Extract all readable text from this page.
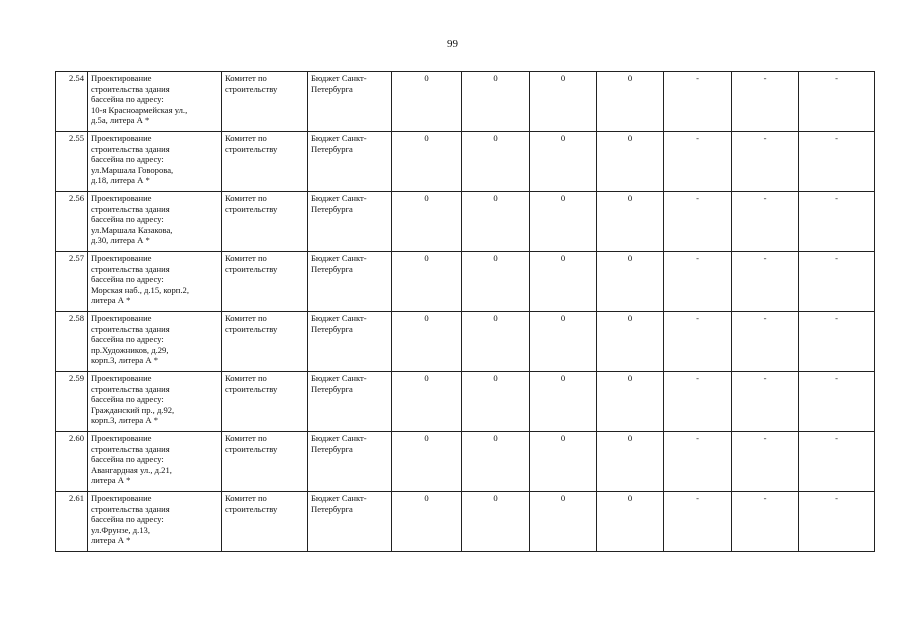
99
2.54	Проектирование
строительства здания
бассейна по адресу:
10-я Красноармейская ул.,
д.5а, литера А *	Комитет по
строительству	Бюджет Санкт-
Петербурга	0	0	0	0	-	-	-
2.55	Проектирование
строительства здания
бассейна по адресу:
ул.Маршала Говорова,
д.18, литера А *	Комитет по
строительству	Бюджет Санкт-
Петербурга	0	0	0	0	-	-	-
2.56	Проектирование
строительства здания
бассейна по адресу:
ул.Маршала Казакова,
д.30, литера А *	Комитет по
строительству	Бюджет Санкт-
Петербурга	0	0	0	0	-	-	-
2.57	Проектирование
строительства здания
бассейна по адресу:
Морская наб., д.15, корп.2,
литера А *	Комитет по
строительству	Бюджет Санкт-
Петербурга	0	0	0	0	-	-	-
2.58	Проектирование
строительства здания
бассейна по адресу:
пр.Художников, д.29,
корп.3, литера А *	Комитет по
строительству	Бюджет Санкт-
Петербурга	0	0	0	0	-	-	-
2.59	Проектирование
строительства здания
бассейна по адресу:
Гражданский пр., д.92,
корп.3, литера А *	Комитет по
строительству	Бюджет Санкт-
Петербурга	0	0	0	0	-	-	-
2.60	Проектирование
строительства здания
бассейна по адресу:
Авангардная ул., д.21,
литера А *	Комитет по
строительству	Бюджет Санкт-
Петербурга	0	0	0	0	-	-	-
2.61	Проектирование
строительства здания
бассейна по адресу:
ул.Фрунзе, д.13,
литера А *	Комитет по
строительству	Бюджет Санкт-
Петербурга	0	0	0	0	-	-	-
